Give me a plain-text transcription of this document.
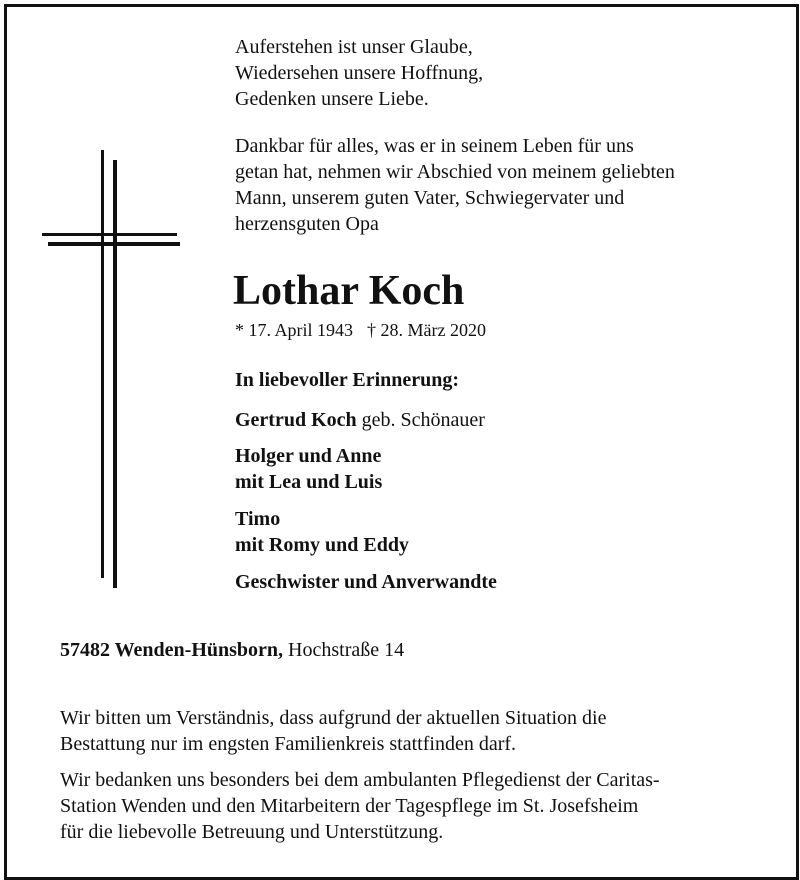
Auferstehen ist unser Glaube,
Wiedersehen unsere Hoffnung,
Gedenken unsere Liebe.
Dankbar für alles, was er in seinem Leben für uns
getan hat, nehmen wir Abschied von meinem geliebten
Mann, unserem guten Vater, Schwiegervater und
herzensguten Opa
Lothar Koch
* 17. April 1943 † 28. März 2020
In liebevoller Erinnerung:
Gertrud Koch geb. Schönauer
Holger und Anne
mit Lea und Luis
Timo
mit Romy und Eddy
Geschwister und Anverwandte
57482 Wenden-Hünsborn, Hochstraße 14
Wir bitten um Verständnis, dass aufgrund der aktuellen Situation die
Bestattung nur im engsten Familienkreis stattfinden darf.
Wir bedanken uns besonders bei dem ambulanten Pflegedienst der Caritas-
Station Wenden und den Mitarbeitern der Tagespflege im St. Josefsheim
für die liebevolle Betreuung und Unterstützung.
